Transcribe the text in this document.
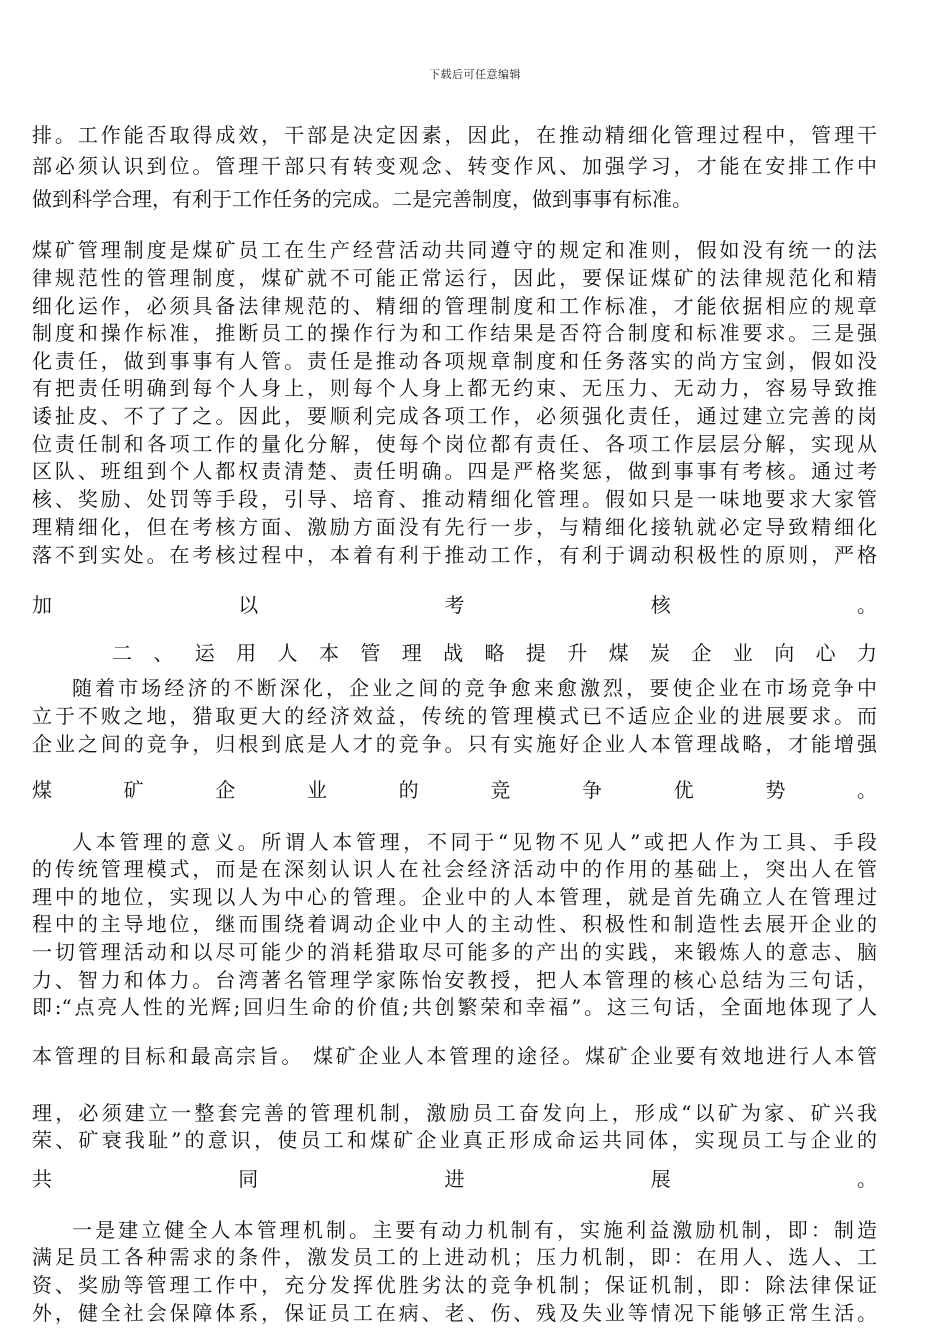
下载后可任意编辑
排。工作能否取得成效，干部是决定因素，因此，在推动精细化管理过程中，管理干
部必须认识到位。管理干部只有转变观念、转变作风、加强学习，才能在安排工作中
做到科学合理，有利于工作任务的完成。二是完善制度，做到事事有标准。
煤矿管理制度是煤矿员工在生产经营活动共同遵守的规定和准则，假如没有统一的法
律规范性的管理制度，煤矿就不可能正常运行，因此，要保证煤矿的法律规范化和精
细化运作，必须具备法律规范的、精细的管理制度和工作标准，才能依据相应的规章
制度和操作标准，推断员工的操作行为和工作结果是否符合制度和标准要求。三是强
化责任，做到事事有人管。责任是推动各项规章制度和任务落实的尚方宝剑，假如没
有把责任明确到每个人身上，则每个人身上都无约束、无压力、无动力，容易导致推
诿扯皮、不了了之。因此，要顺利完成各项工作，必须强化责任，通过建立完善的岗
位责任制和各项工作的量化分解，使每个岗位都有责任、各项工作层层分解，实现从
区队、班组到个人都权责清楚、责任明确。四是严格奖惩，做到事事有考核。通过考
核、奖励、处罚等手段，引导、培育、推动精细化管理。假如只是一味地要求大家管
理精细化，但在考核方面、激励方面没有先行一步，与精细化接轨就必定导致精细化
落不到实处。在考核过程中，本着有利于推动工作，有利于调动积极性的原则，严格
加以考核。
二、运用人本管理战略提升煤炭企业向心力
随着市场经济的不断深化，企业之间的竞争愈来愈激烈，要使企业在市场竞争中
立于不败之地，猎取更大的经济效益，传统的管理模式已不适应企业的进展要求。而
企业之间的竞争，归根到底是人才的竞争。只有实施好企业人本管理战略，才能增强
煤矿企业的竞争优势。
人本管理的意义。所谓人本管理，不同于“见物不见人”或把人作为工具、手段
的传统管理模式，而是在深刻认识人在社会经济活动中的作用的基础上，突出人在管
理中的地位，实现以人为中心的管理。企业中的人本管理，就是首先确立人在管理过
程中的主导地位，继而围绕着调动企业中人的主动性、积极性和制造性去展开企业的
一切管理活动和以尽可能少的消耗猎取尽可能多的产出的实践，来锻炼人的意志、脑
力、智力和体力。台湾著名管理学家陈怡安教授，把人本管理的核心总结为三句话，
即:“点亮人性的光辉;回归生命的价值;共创繁荣和幸福”。这三句话，全面地体现了人
本管理的目标和最高宗旨。 煤矿企业人本管理的途径。煤矿企业要有效地进行人本管
理，必须建立一整套完善的管理机制，激励员工奋发向上，形成“以矿为家、矿兴我
荣、矿衰我耻”的意识，使员工和煤矿企业真正形成命运共同体，实现员工与企业的
共同进展。
一是建立健全人本管理机制。主要有动力机制有，实施利益激励机制，即：制造
满足员工各种需求的条件，激发员工的上进动机；压力机制，即：在用人、选人、工
资、奖励等管理工作中，充分发挥优胜劣汰的竞争机制；保证机制，即：除法律保证
外，健全社会保障体系，保证员工在病、老、伤、残及失业等情况下能够正常生活。
